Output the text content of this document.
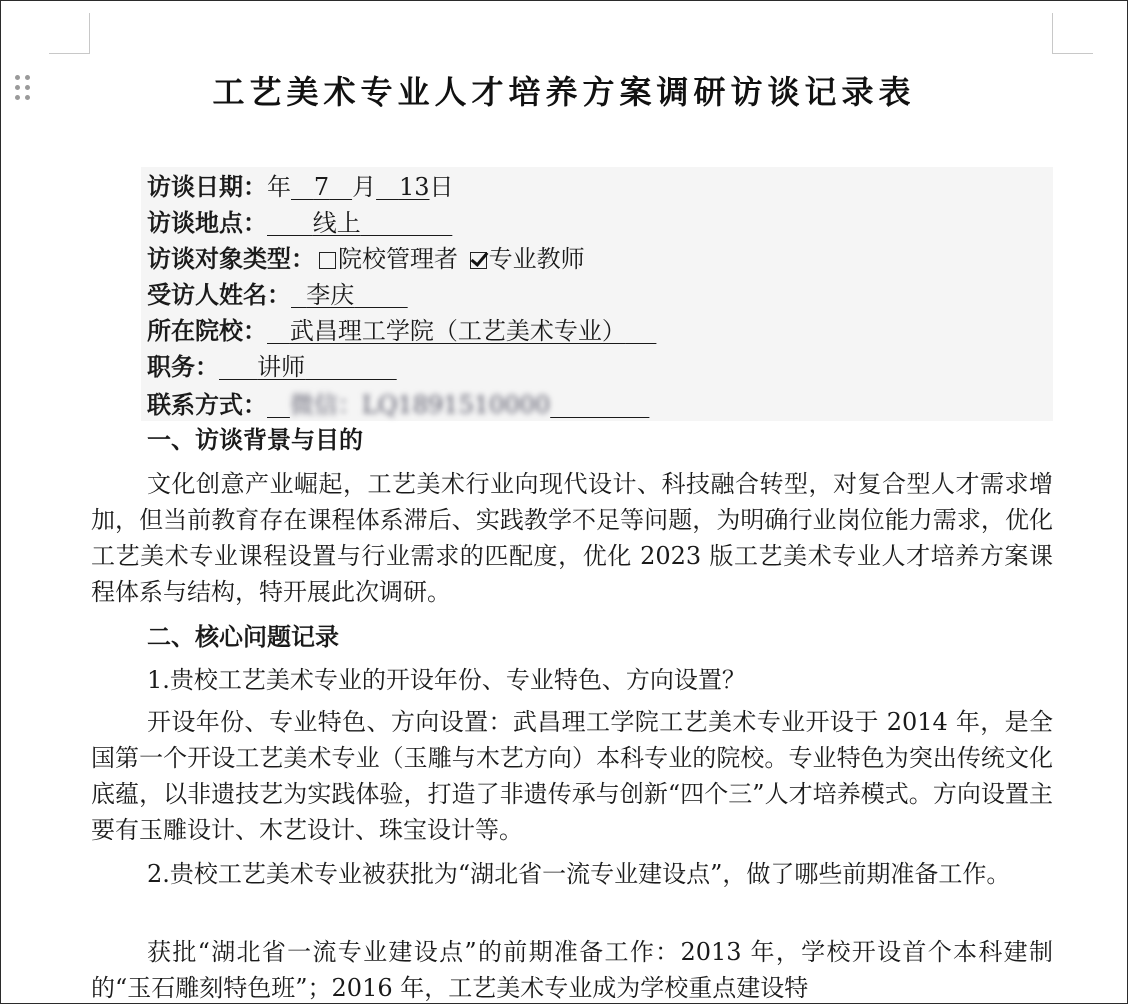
工艺美术专业人才培养方案调研访谈记录表
访谈日期：年 7 月 13日
访谈地点： 线上
访谈对象类型： 院校管理者 专业教师
受访人姓名： 李庆
所在院校： 武昌理工学院（工艺美术专业）
职务： 讲师
联系方式： 微信：LQ1891510000
一、访谈背景与目的

文化创意产业崛起，工艺美术行业向现代设计、科技融合转型，对复合型人才需求增加，但当前教育存在课程体系滞后、实践教学不足等问题，为明确行业岗位能力需求，优化工艺美术专业课程设置与行业需求的匹配度，优化 2023 版工艺美术专业人才培养方案课程体系与结构，特开展此次调研。

二、核心问题记录

1.贵校工艺美术专业的开设年份、专业特色、方向设置？

开设年份、专业特色、方向设置：武昌理工学院工艺美术专业开设于 2014 年，是全国第一个开设工艺美术专业（玉雕与木艺方向）本科专业的院校。专业特色为突出传统文化底蕴，以非遗技艺为实践体验，打造了非遗传承与创新“四个三”人才培养模式。方向设置主要有玉雕设计、木艺设计、珠宝设计等。

2.贵校工艺美术专业被获批为“湖北省一流专业建设点”，做了哪些前期准备工作。

获批“湖北省一流专业建设点”的前期准备工作：2013 年，学校开设首个本科建制的“玉石雕刻特色班”；2016 年，工艺美术专业成为学校重点建设特
